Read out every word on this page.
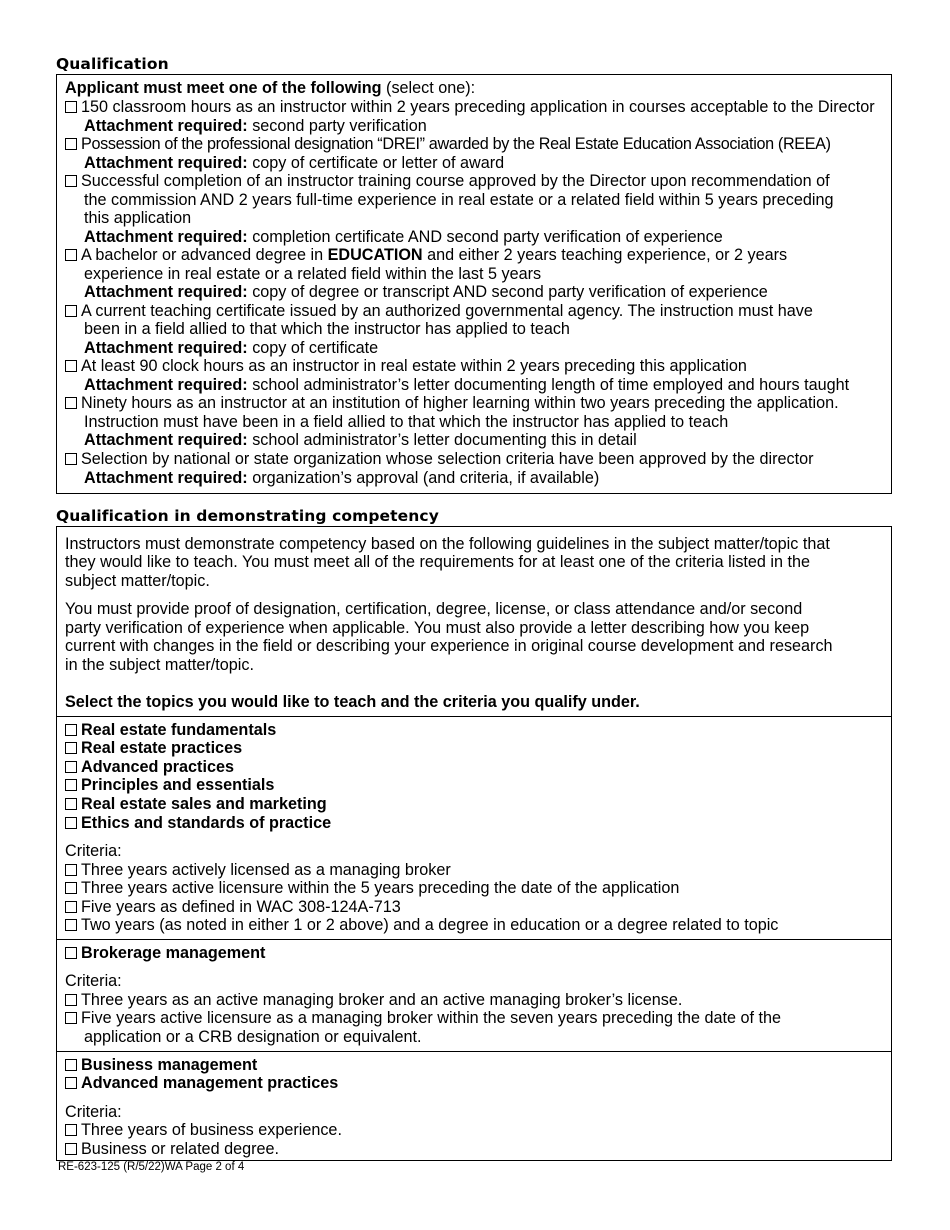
Qualification
Applicant must meet one of the following (select one):
150 classroom hours as an instructor within 2 years preceding application in courses acceptable to the Director
Attachment required: second party verification
Possession of the professional designation “DREI” awarded by the Real Estate Education Association (REEA)
Attachment required: copy of certificate or letter of award
Successful completion of an instructor training course approved by the Director upon recommendation of
the commission AND 2 years full-time experience in real estate or a related field within 5 years preceding
this application
Attachment required: completion certificate AND second party verification of experience
A bachelor or advanced degree in EDUCATION and either 2 years teaching experience, or 2 years
experience in real estate or a related field within the last 5 years
Attachment required: copy of degree or transcript AND second party verification of experience
A current teaching certificate issued by an authorized governmental agency. The instruction must have
been in a field allied to that which the instructor has applied to teach
Attachment required: copy of certificate
At least 90 clock hours as an instructor in real estate within 2 years preceding this application
Attachment required: school administrator’s letter documenting length of time employed and hours taught
Ninety hours as an instructor at an institution of higher learning within two years preceding the application.
Instruction must have been in a field allied to that which the instructor has applied to teach
Attachment required: school administrator’s letter documenting this in detail
Selection by national or state organization whose selection criteria have been approved by the director
Attachment required: organization’s approval (and criteria, if available)
Qualification in demonstrating competency
Instructors must demonstrate competency based on the following guidelines in the subject matter/topic that
they would like to teach. You must meet all of the requirements for at least one of the criteria listed in the
subject matter/topic.
You must provide proof of designation, certification, degree, license, or class attendance and/or second
party verification of experience when applicable. You must also provide a letter describing how you keep
current with changes in the field or describing your experience in original course development and research
in the subject matter/topic.
Select the topics you would like to teach and the criteria you qualify under.
Real estate fundamentals
Real estate practices
Advanced practices
Principles and essentials
Real estate sales and marketing
Ethics and standards of practice
Criteria:
Three years actively licensed as a managing broker
Three years active licensure within the 5 years preceding the date of the application
Five years as defined in WAC 308-124A-713
Two years (as noted in either 1 or 2 above) and a degree in education or a degree related to topic
Brokerage management
Criteria:
Three years as an active managing broker and an active managing broker’s license.
Five years active licensure as a managing broker within the seven years preceding the date of the
application or a CRB designation or equivalent.
Business management
Advanced management practices
Criteria:
Three years of business experience.
Business or related degree.
RE-623-125 (R/5/22)WA Page 2 of 4
